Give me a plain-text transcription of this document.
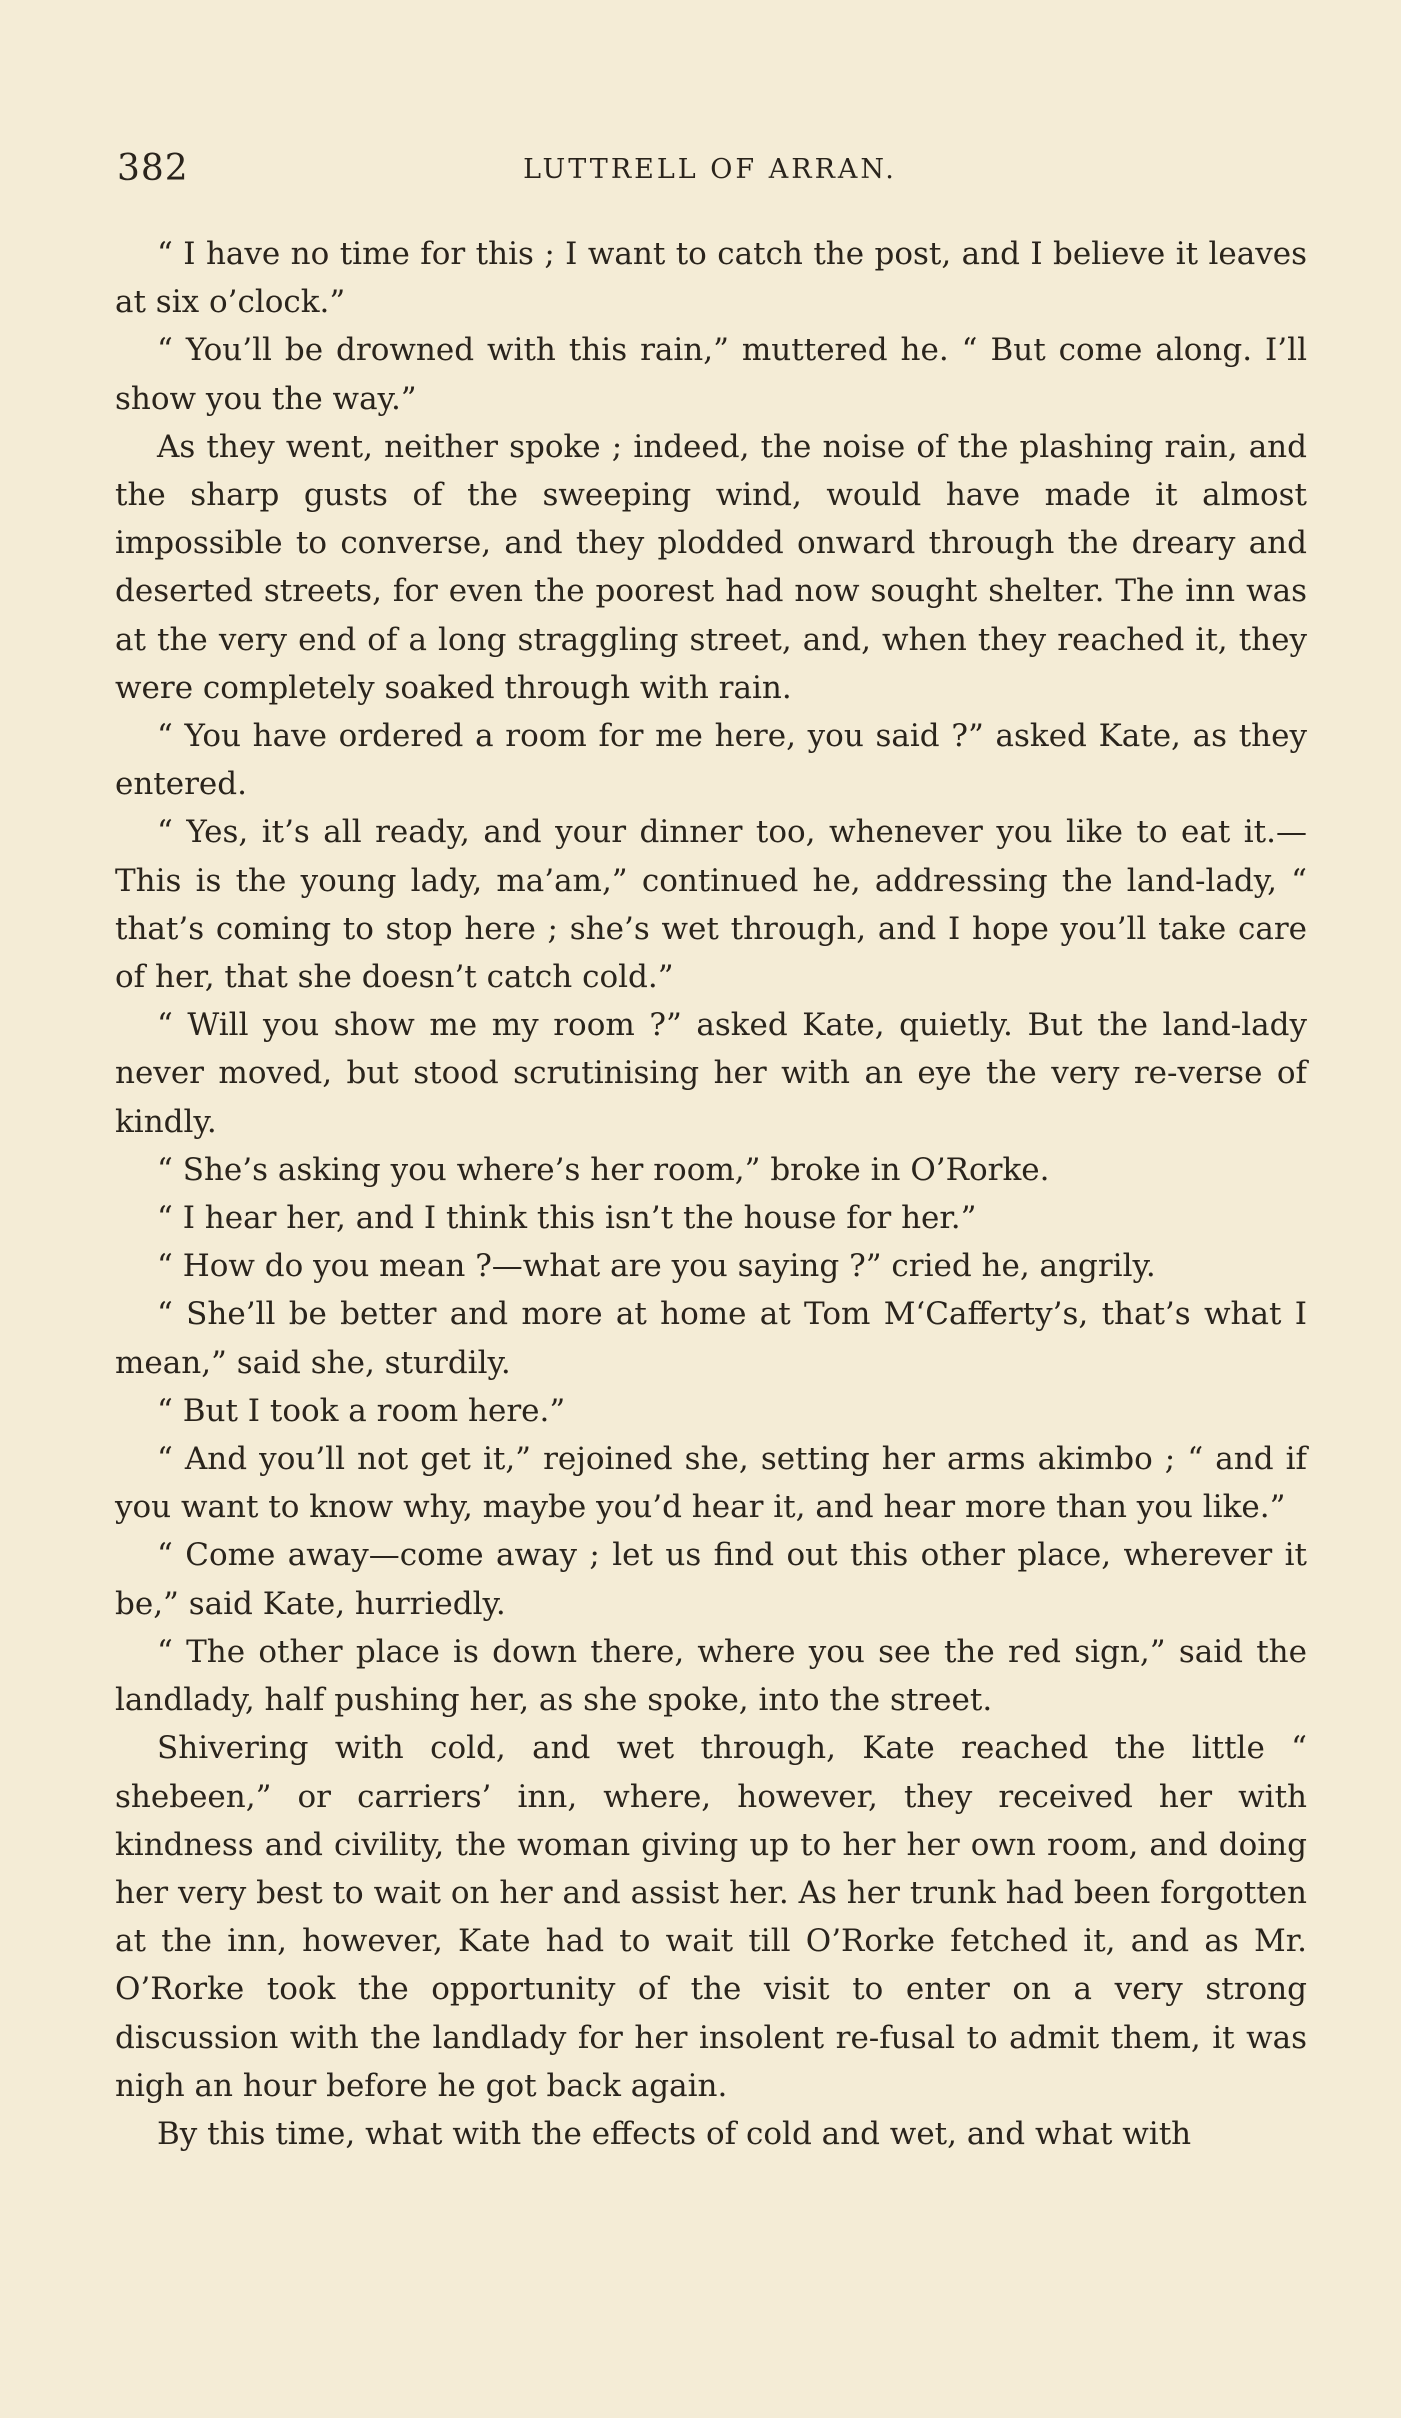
382	LUTTRELL OF ARRAN.

“ I have no time for this ; I want to catch the post, and I believe it leaves at six o’clock.”

“ You’ll be drowned with this rain,” muttered he. “ But come along. I’ll show you the way.”

As they went, neither spoke ; indeed, the noise of the plashing rain, and the sharp gusts of the sweeping wind, would have made it almost impossible to converse, and they plodded onward through the dreary and deserted streets, for even the poorest had now sought shelter. The inn was at the very end of a long straggling street, and, when they reached it, they were completely soaked through with rain.

“ You have ordered a room for me here, you said ?” asked Kate, as they entered.

“ Yes, it’s all ready, and your dinner too, whenever you like to eat it.—This is the young lady, ma’am,” continued he, addressing the land-lady, “ that’s coming to stop here ; she’s wet through, and I hope you’ll take care of her, that she doesn’t catch cold.”

“ Will you show me my room ?” asked Kate, quietly. But the land-lady never moved, but stood scrutinising her with an eye the very re-verse of kindly.

“ She’s asking you where’s her room,” broke in O’Rorke.

“ I hear her, and I think this isn’t the house for her.”

“ How do you mean ?—what are you saying ?” cried he, angrily.

“ She’ll be better and more at home at Tom M‘Cafferty’s, that’s what I mean,” said she, sturdily.

“ But I took a room here.”

“ And you’ll not get it,” rejoined she, setting her arms akimbo ; “ and if you want to know why, maybe you’d hear it, and hear more than you like.”

“ Come away—come away ; let us find out this other place, wherever it be,” said Kate, hurriedly.

“ The other place is down there, where you see the red sign,” said the landlady, half pushing her, as she spoke, into the street.

Shivering with cold, and wet through, Kate reached the little “ shebeen,” or carriers’ inn, where, however, they received her with kindness and civility, the woman giving up to her her own room, and doing her very best to wait on her and assist her. As her trunk had been forgotten at the inn, however, Kate had to wait till O’Rorke fetched it, and as Mr. O’Rorke took the opportunity of the visit to enter on a very strong discussion with the landlady for her insolent re-fusal to admit them, it was nigh an hour before he got back again.

By this time, what with the effects of cold and wet, and what with
